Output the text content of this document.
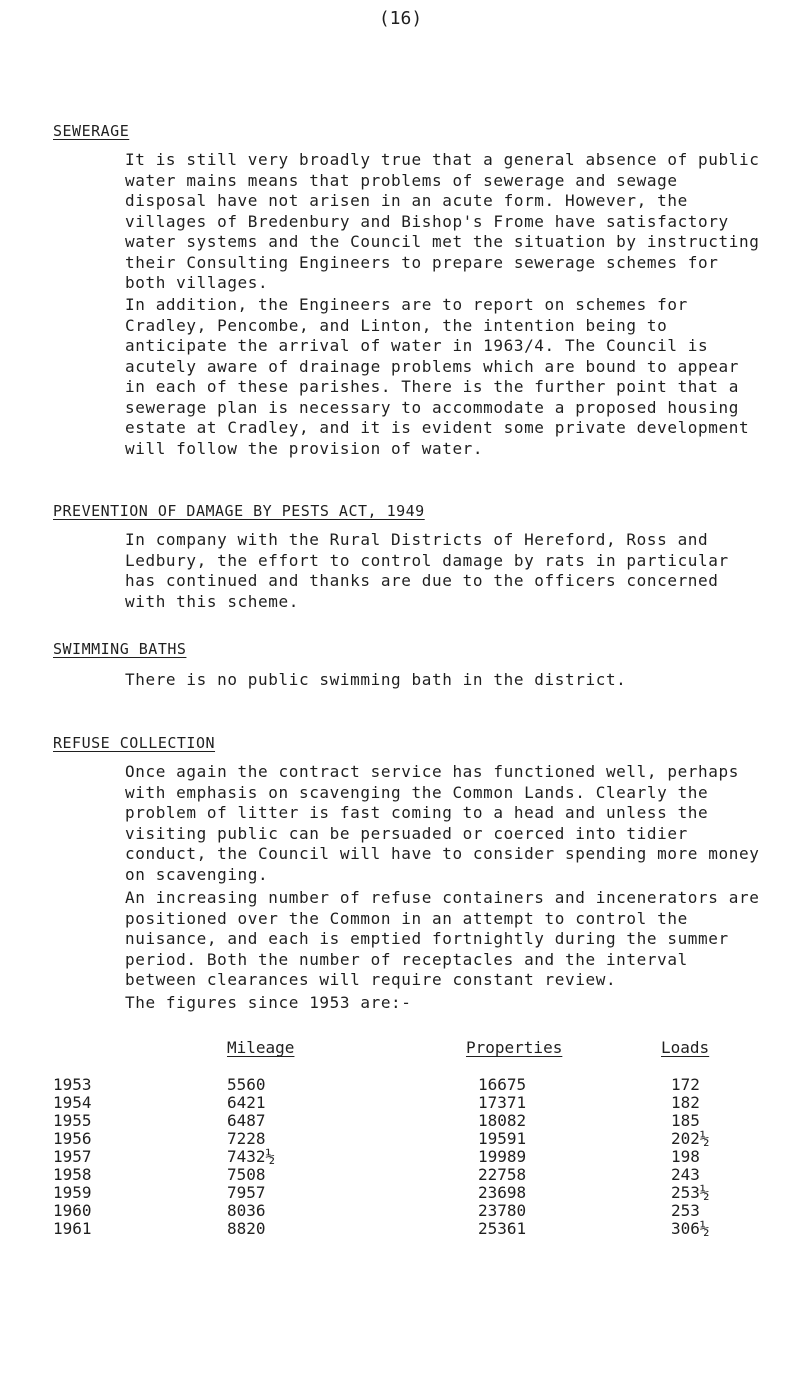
(16)
SEWERAGE
It is still very broadly true that a general absence of public water mains means that problems of sewerage and sewage disposal have not arisen in an acute form. However, the villages of Bredenbury and Bishop's Frome have satisfactory water systems and the Council met the situation by instructing their Consulting Engineers to prepare sewerage schemes for both villages.
In addition, the Engineers are to report on schemes for Cradley, Pencombe, and Linton, the intention being to anticipate the arrival of water in 1963/4. The Council is acutely aware of drainage problems which are bound to appear in each of these parishes. There is the further point that a sewerage plan is necessary to accommodate a proposed housing estate at Cradley, and it is evident some private development will follow the provision of water.
PREVENTION OF DAMAGE BY PESTS ACT, 1949
In company with the Rural Districts of Hereford, Ross and Ledbury, the effort to control damage by rats in particular has continued and thanks are due to the officers concerned with this scheme.
SWIMMING BATHS
There is no public swimming bath in the district.
REFUSE COLLECTION
Once again the contract service has functioned well, perhaps with emphasis on scavenging the Common Lands. Clearly the problem of litter is fast coming to a head and unless the visiting public can be persuaded or coerced into tidier conduct, the Council will have to consider spending more money on scavenging.
An increasing number of refuse containers and incenerators are positioned over the Common in an attempt to control the nuisance, and each is emptied fortnightly during the summer period. Both the number of receptacles and the interval between clearances will require constant review.
The figures since 1953 are:-
Mileage	Properties	Loads
1953	5560	16675	172
1954	6421	17371	182
1955	6487	18082	185
1956	7228	19591	202½
1957	7432½	19989	198
1958	7508	22758	243
1959	7957	23698	253½
1960	8036	23780	253
1961	8820	25361	306½
